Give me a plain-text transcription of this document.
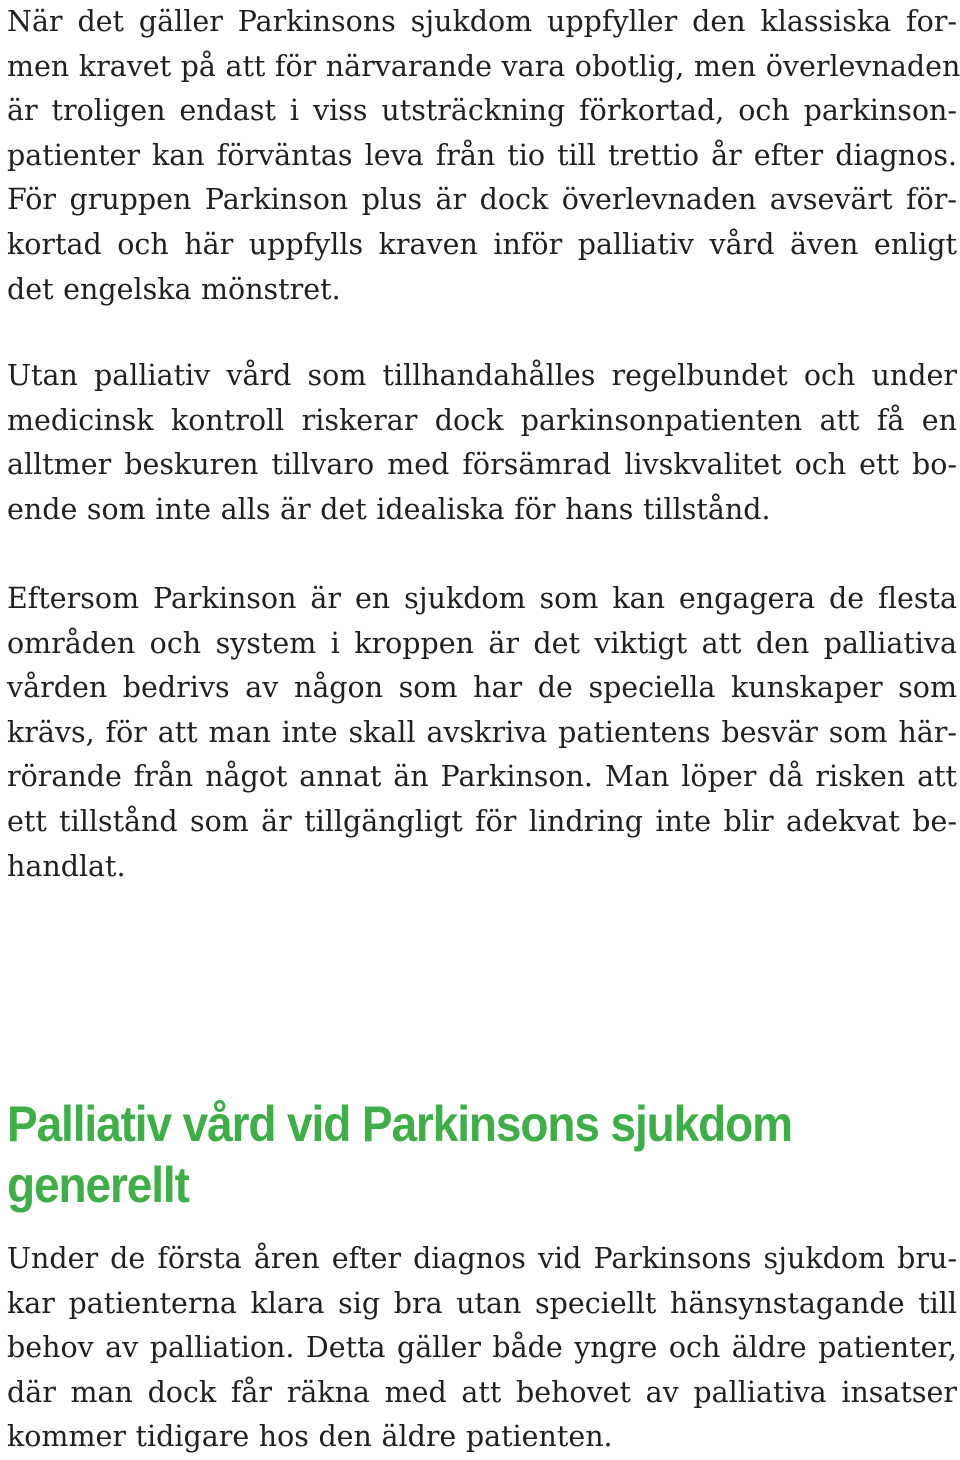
När det gäller Parkinsons sjukdom uppfyller den klassiska for-
men kravet på att för närvarande vara obotlig, men överlevnaden
är troligen endast i viss utsträckning förkortad, och parkinson-
patienter kan förväntas leva från tio till trettio år efter diagnos.
För gruppen Parkinson plus är dock överlevnaden avsevärt för-
kortad och här uppfylls kraven inför palliativ vård även enligt
det engelska mönstret.

Utan palliativ vård som tillhandahålles regelbundet och under
medicinsk kontroll riskerar dock parkinsonpatienten att få en
alltmer beskuren tillvaro med försämrad livskvalitet och ett bo-
ende som inte alls är det idealiska för hans tillstånd.

Eftersom Parkinson är en sjukdom som kan engagera de flesta
områden och system i kroppen är det viktigt att den palliativa
vården bedrivs av någon som har de speciella kunskaper som
krävs, för att man inte skall avskriva patientens besvär som här-
rörande från något annat än Parkinson. Man löper då risken att
ett tillstånd som är tillgängligt för lindring inte blir adekvat be-
handlat.

Palliativ vård vid Parkinsons sjukdom
generellt

Under de första åren efter diagnos vid Parkinsons sjukdom bru-
kar patienterna klara sig bra utan speciellt hänsynstagande till
behov av palliation. Detta gäller både yngre och äldre patienter,
där man dock får räkna med att behovet av palliativa insatser
kommer tidigare hos den äldre patienten.
